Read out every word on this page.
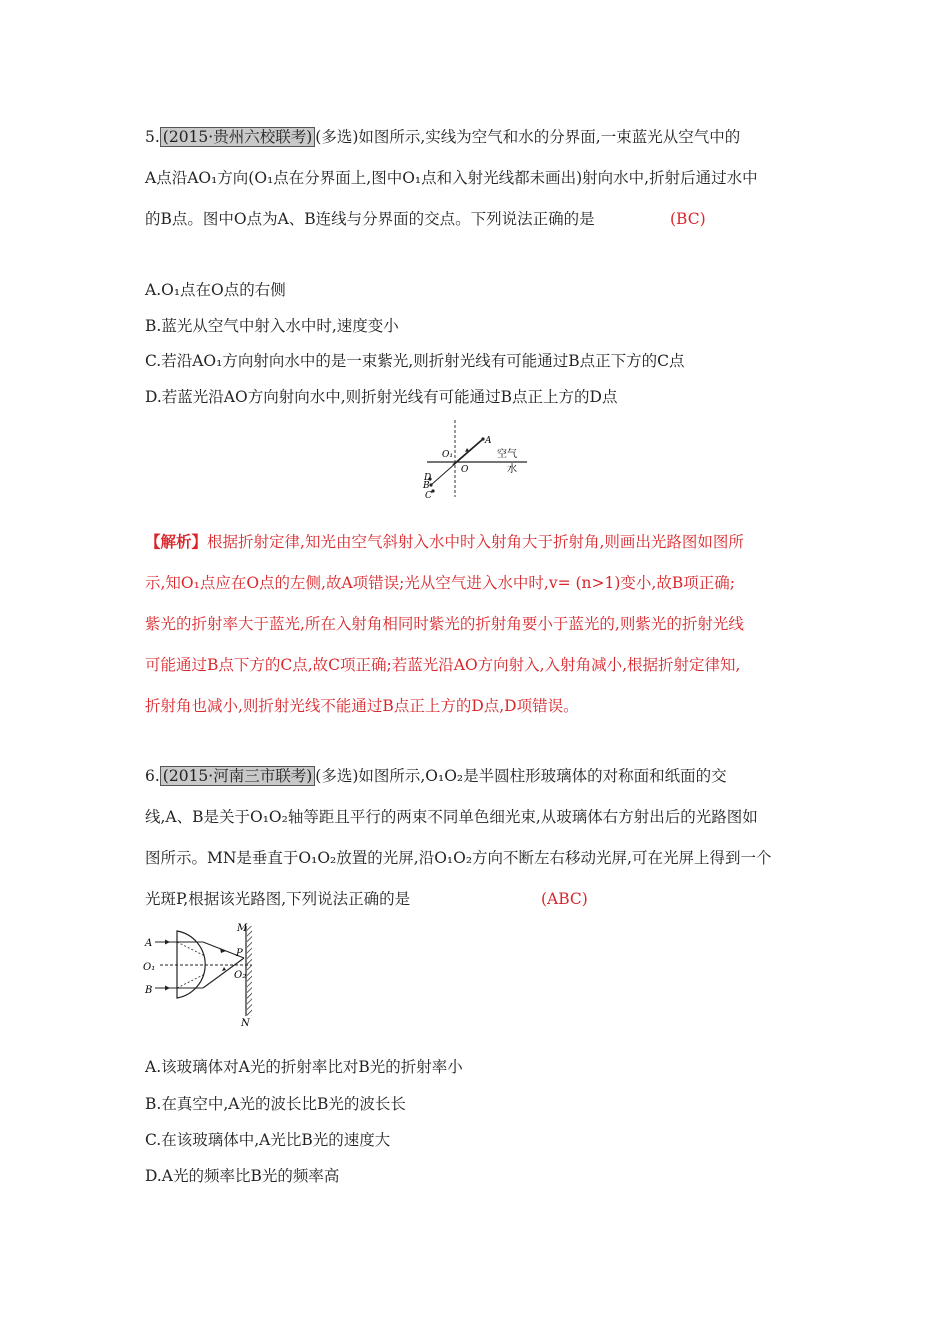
5. (2015·贵州六校联考) (多选)如图所示,实线为空气和水的分界面,一束蓝光从空气中的
A点沿AO₁方向(O₁点在分界面上,图中O₁点和入射光线都未画出)射向水中,折射后通过水中
的B点。图中O点为A、B连线与分界面的交点。下列说法正确的是	(BC)
A.O₁点在O点的右侧
B.蓝光从空气中射入水中时,速度变小
C.若沿AO₁方向射向水中的是一束紫光,则折射光线有可能通过B点正下方的C点
D.若蓝光沿AO方向射向水中,则折射光线有可能通过B点正上方的D点
A
O₁
O
D
B
C
空气
水
【解析】根据折射定律,知光由空气斜射入水中时入射角大于折射角,则画出光路图如图所
示,知O₁点应在O点的左侧,故A项错误;光从空气进入水中时,v= (n>1)变小,故B项正确;
紫光的折射率大于蓝光,所在入射角相同时紫光的折射角要小于蓝光的,则紫光的折射光线
可能通过B点下方的C点,故C项正确;若蓝光沿AO方向射入,入射角减小,根据折射定律知,
折射角也减小,则折射光线不能通过B点正上方的D点,D项错误。
6. (2015·河南三市联考) (多选)如图所示,O₁O₂是半圆柱形玻璃体的对称面和纸面的交
线,A、B是关于O₁O₂轴等距且平行的两束不同单色细光束,从玻璃体右方射出后的光路图如
图所示。MN是垂直于O₁O₂放置的光屏,沿O₁O₂方向不断左右移动光屏,可在光屏上得到一个
光斑P,根据该光路图,下列说法正确的是	(ABC)
A
O₁
B
M
P
O₂
N
A.该玻璃体对A光的折射率比对B光的折射率小
B.在真空中,A光的波长比B光的波长长
C.在该玻璃体中,A光比B光的速度大
D.A光的频率比B光的频率高
